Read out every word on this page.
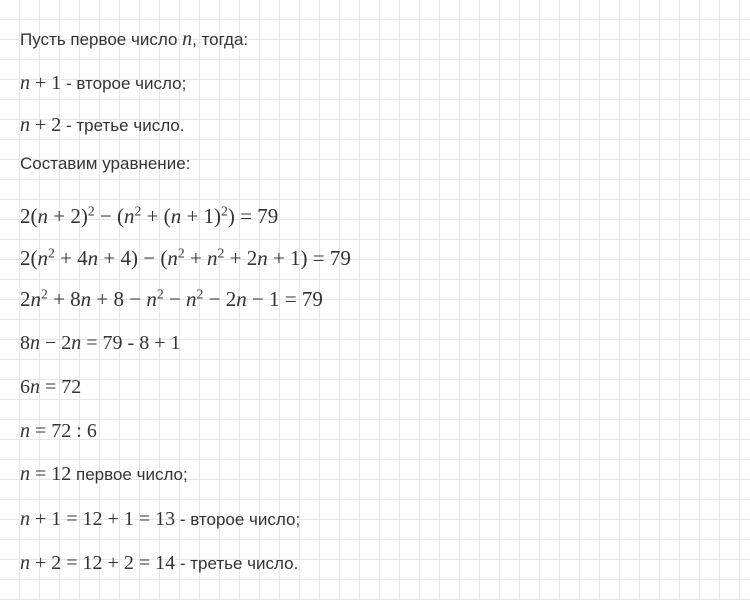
Пусть первое число n, тогда:
n + 1 - второе число;
n + 2 - третье число.
Составим уравнение:
$2(n + 2)^2 - (n^2 + (n + 1)^2) = 79$
$2(n^2 + 4n + 4) - (n^2 + n^2 + 2n + 1) = 79$
$2n^2 + 8n + 8 - n^2 - n^2 - 2n - 1 = 79$
8n − 2n = 79 - 8 + 1
6n = 72
n = 72 : 6
n = 12 первое число;
n + 1 = 12 + 1 = 13 - второе число;
n + 2 = 12 + 2 = 14 - третье число.
